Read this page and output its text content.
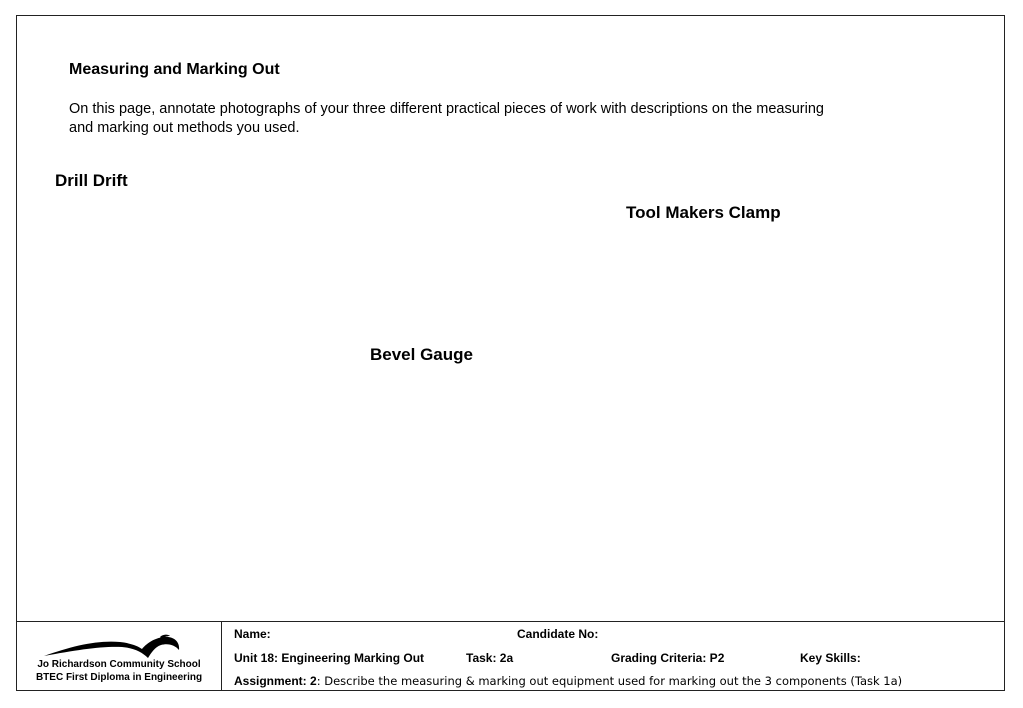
Measuring and Marking Out
On this page, annotate photographs of your three different practical pieces of work with descriptions on the measuring and marking out methods you used.
Drill Drift
Tool Makers Clamp
Bevel Gauge
Jo Richardson Community School
BTEC First Diploma in Engineering
Name:	Candidate No:
Unit 18: Engineering Marking Out	Task: 2a	Grading Criteria: P2	Key Skills:
Assignment: 2: Describe the measuring & marking out equipment used for marking out the 3 components (Task 1a)
